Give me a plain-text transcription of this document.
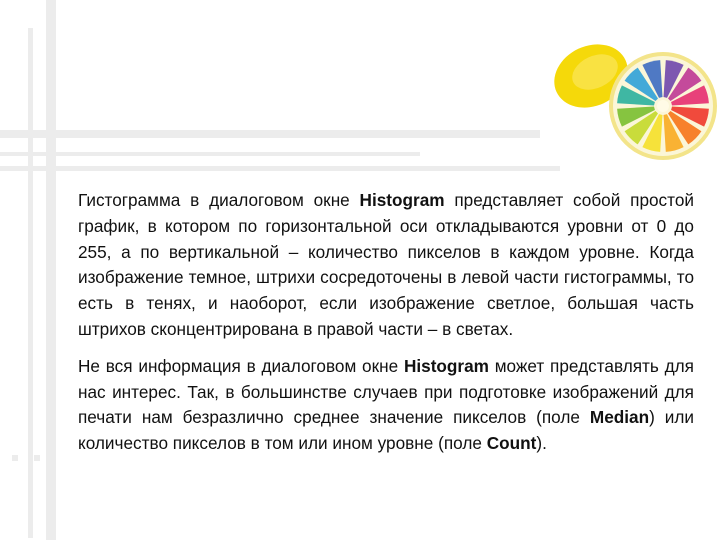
Гистограмма в диалоговом окне Histogram представляет собой простой график, в котором по горизонтальной оси откладываются уровни от 0 до 255, а по вертикальной – количество пикселов в каждом уровне. Когда изображение темное, штрихи сосредоточены в левой части гистограммы, то есть в тенях, и наоборот, если изображение светлое, большая часть штрихов сконцентрирована в правой части – в светах.

Не вся информация в диалоговом окне Histogram может представлять для нас интерес. Так, в большинстве случаев при подготовке изображений для печати нам безразлично среднее значение пикселов (поле Median) или количество пикселов в том или ином уровне (поле Count).
